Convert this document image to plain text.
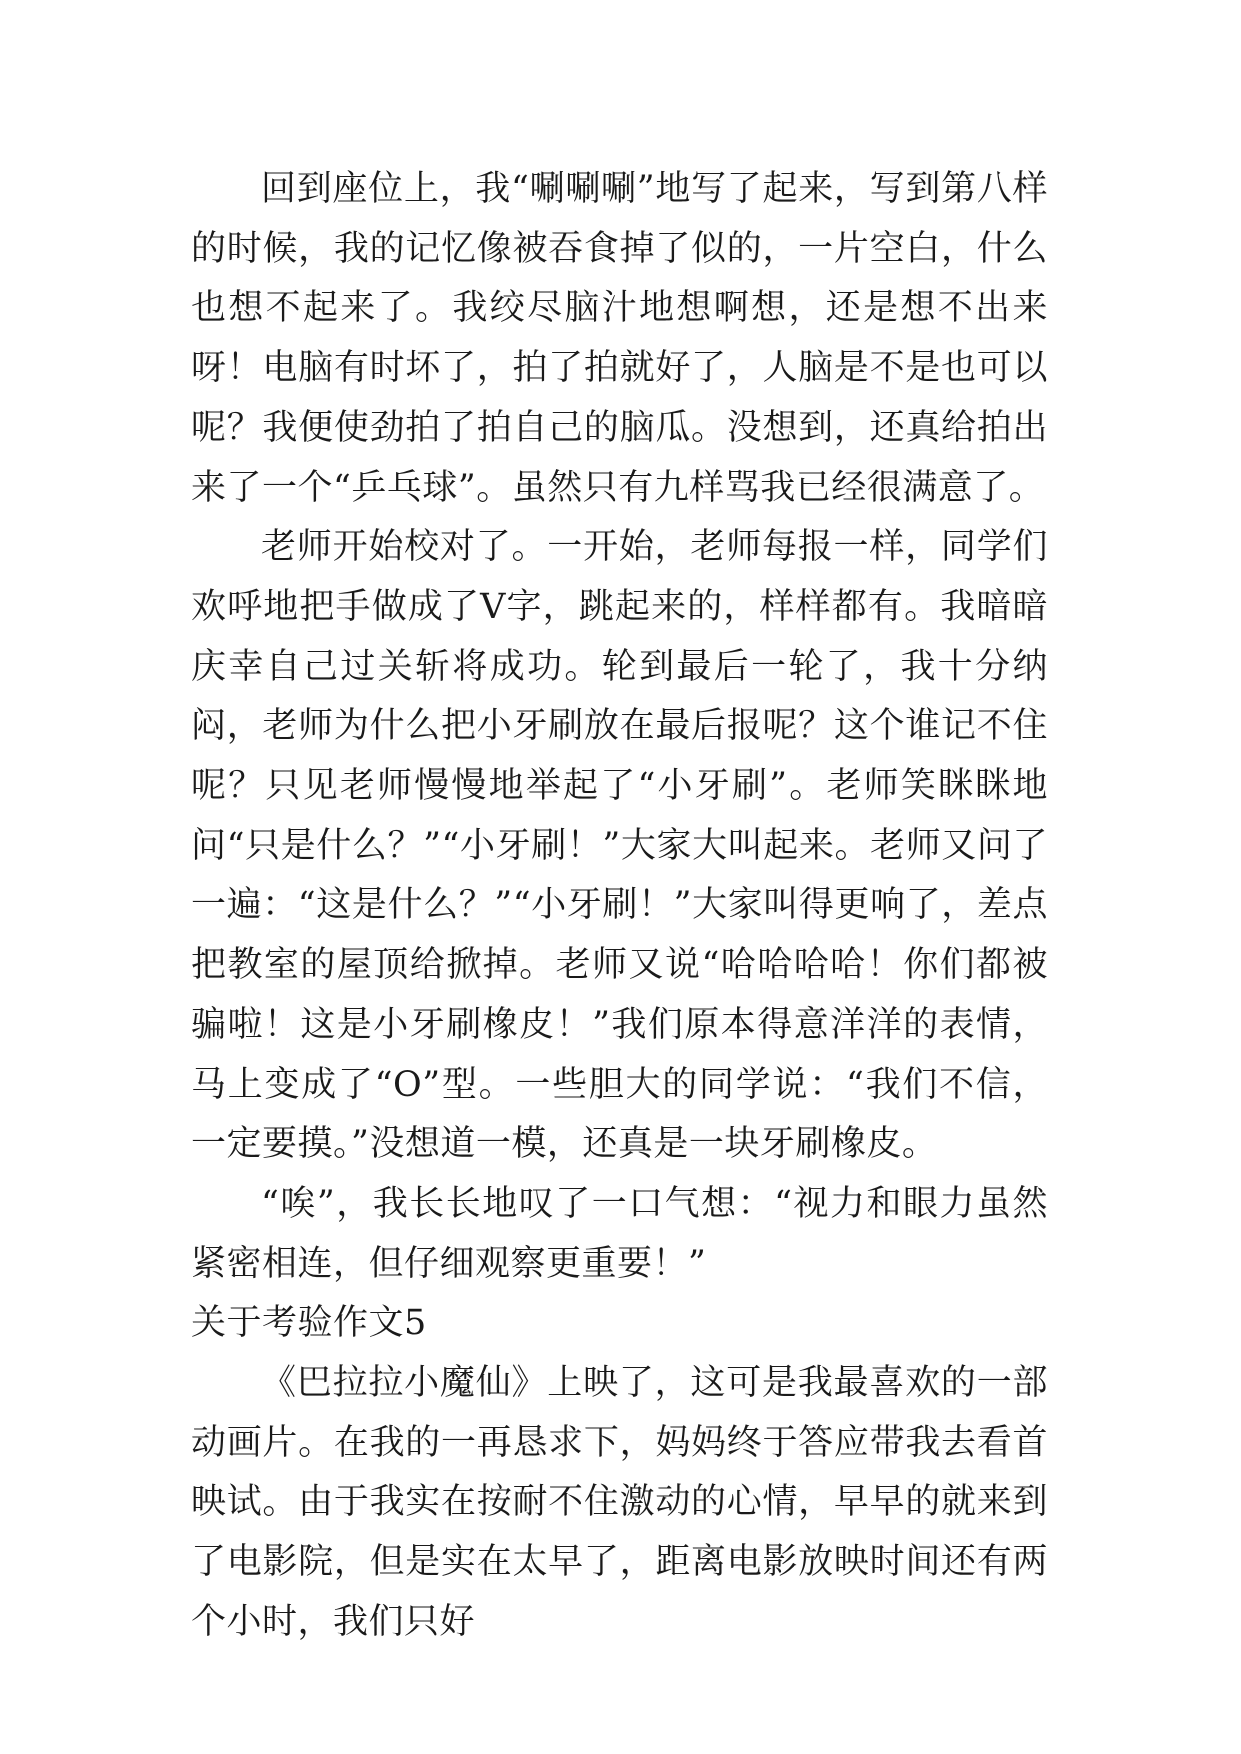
回到座位上，我“唰唰唰”地写了起来，写到第八样的时候，我的记忆像被吞食掉了似的，一片空白，什么也想不起来了。我绞尽脑汁地想啊想，还是想不出来呀！电脑有时坏了，拍了拍就好了，人脑是不是也可以呢？我便使劲拍了拍自己的脑瓜。没想到，还真给拍出来了一个“乒乓球”。虽然只有九样骂我已经很满意了。

老师开始校对了。一开始，老师每报一样，同学们欢呼地把手做成了V字，跳起来的，样样都有。我暗暗庆幸自己过关斩将成功。轮到最后一轮了，我十分纳闷，老师为什么把小牙刷放在最后报呢？这个谁记不住呢？只见老师慢慢地举起了“小牙刷”。老师笑眯眯地问“只是什么？”“小牙刷！”大家大叫起来。老师又问了一遍：“这是什么？”“小牙刷！”大家叫得更响了，差点把教室的屋顶给掀掉。老师又说“哈哈哈哈！你们都被骗啦！这是小牙刷橡皮！”我们原本得意洋洋的表情，马上变成了“O”型。一些胆大的同学说：“我们不信，一定要摸。”没想道一模，还真是一块牙刷橡皮。

“唉”，我长长地叹了一口气想：“视力和眼力虽然紧密相连，但仔细观察更重要！”

关于考验作文5

《巴拉拉小魔仙》上映了，这可是我最喜欢的一部动画片。在我的一再恳求下，妈妈终于答应带我去看首映试。由于我实在按耐不住激动的心情，早早的就来到了电影院，但是实在太早了，距离电影放映时间还有两个小时，我们只好
